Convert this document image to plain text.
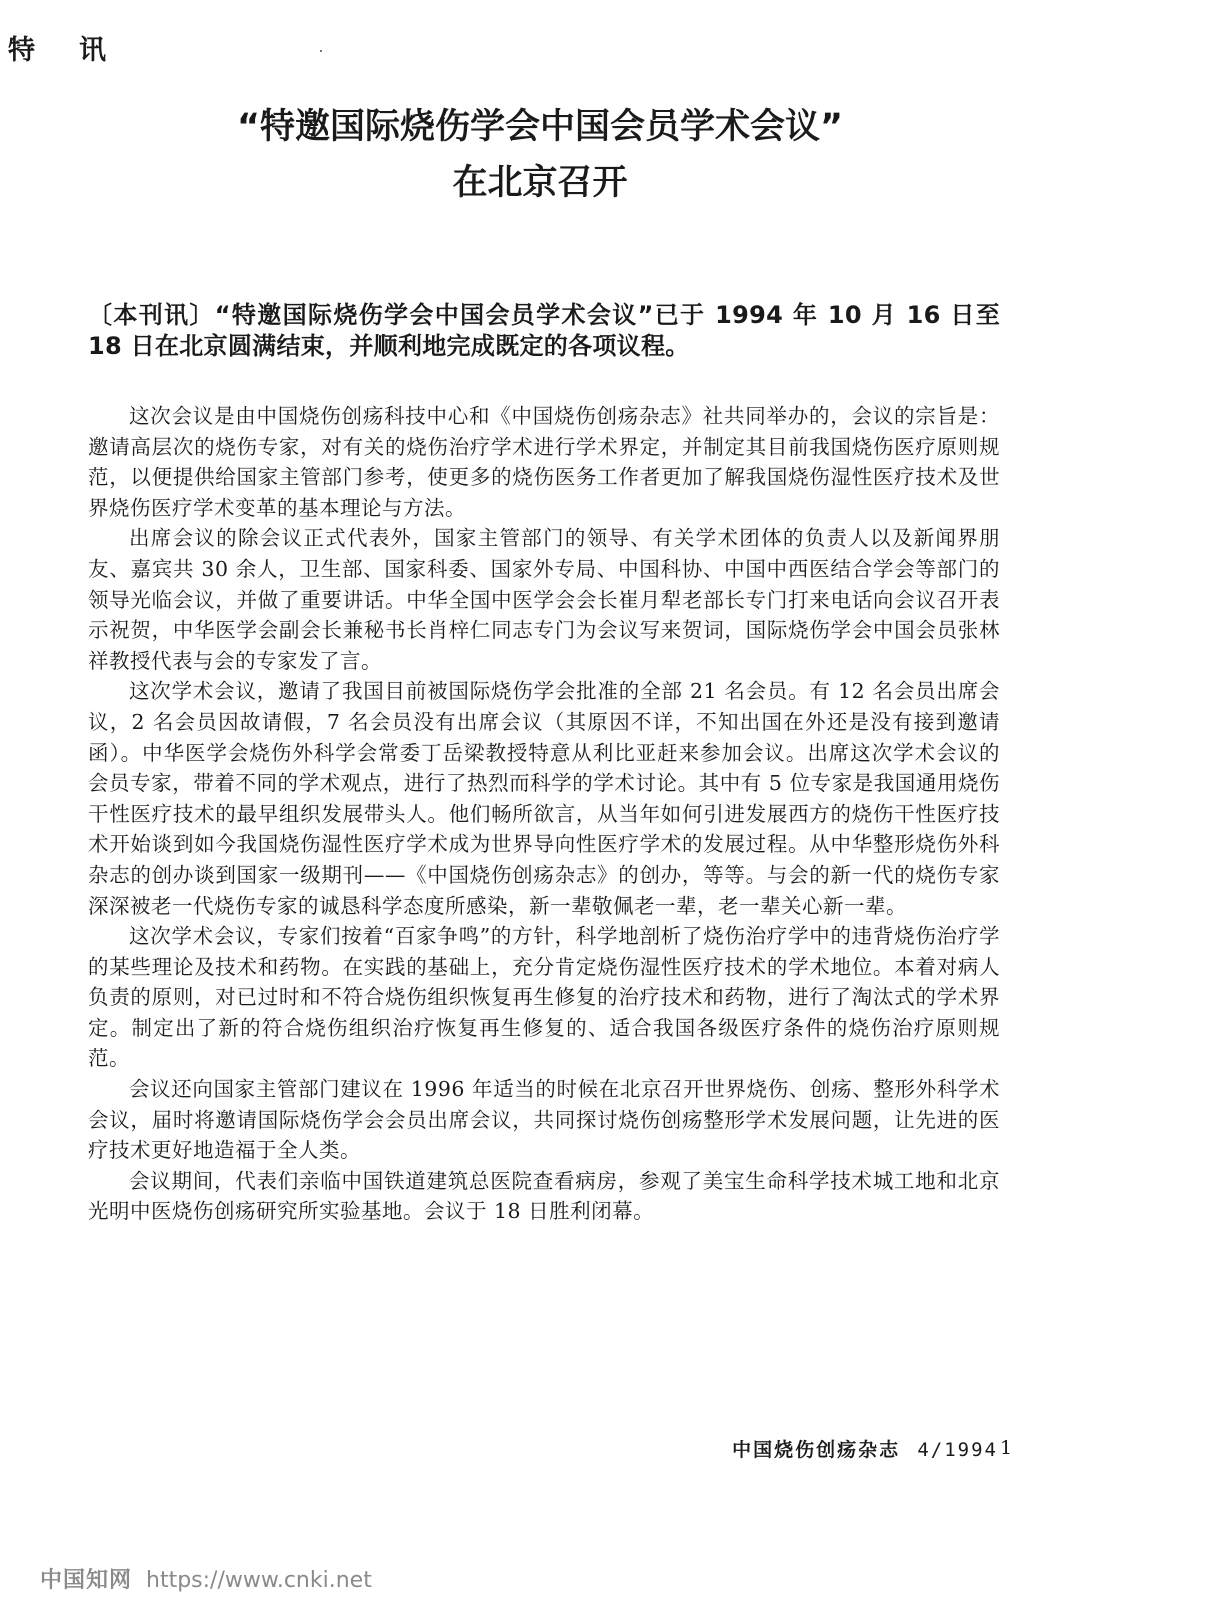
特讯
“特邀国际烧伤学会中国会员学术会议”
在北京召开
〔本刊讯〕“特邀国际烧伤学会中国会员学术会议”已于 1994 年 10 月 16 日至 18 日在北京圆满结束，并顺利地完成既定的各项议程。

这次会议是由中国烧伤创疡科技中心和《中国烧伤创疡杂志》社共同举办的，会议的宗旨是：邀请高层次的烧伤专家，对有关的烧伤治疗学术进行学术界定，并制定其目前我国烧伤医疗原则规范，以便提供给国家主管部门参考，使更多的烧伤医务工作者更加了解我国烧伤湿性医疗技术及世界烧伤医疗学术变革的基本理论与方法。

出席会议的除会议正式代表外，国家主管部门的领导、有关学术团体的负责人以及新闻界朋友、嘉宾共 30 余人，卫生部、国家科委、国家外专局、中国科协、中国中西医结合学会等部门的领导光临会议，并做了重要讲话。中华全国中医学会会长崔月犁老部长专门打来电话向会议召开表示祝贺，中华医学会副会长兼秘书长肖梓仁同志专门为会议写来贺词，国际烧伤学会中国会员张林祥教授代表与会的专家发了言。

这次学术会议，邀请了我国目前被国际烧伤学会批准的全部 21 名会员。有 12 名会员出席会议，2 名会员因故请假，7 名会员没有出席会议（其原因不详，不知出国在外还是没有接到邀请函）。中华医学会烧伤外科学会常委丁岳梁教授特意从利比亚赶来参加会议。出席这次学术会议的会员专家，带着不同的学术观点，进行了热烈而科学的学术讨论。其中有 5 位专家是我国通用烧伤干性医疗技术的最早组织发展带头人。他们畅所欲言，从当年如何引进发展西方的烧伤干性医疗技术开始谈到如今我国烧伤湿性医疗学术成为世界导向性医疗学术的发展过程。从中华整形烧伤外科杂志的创办谈到国家一级期刊——《中国烧伤创疡杂志》的创办，等等。与会的新一代的烧伤专家深深被老一代烧伤专家的诚恳科学态度所感染，新一辈敬佩老一辈，老一辈关心新一辈。

这次学术会议，专家们按着“百家争鸣”的方针，科学地剖析了烧伤治疗学中的违背烧伤治疗学的某些理论及技术和药物。在实践的基础上，充分肯定烧伤湿性医疗技术的学术地位。本着对病人负责的原则，对已过时和不符合烧伤组织恢复再生修复的治疗技术和药物，进行了淘汰式的学术界定。制定出了新的符合烧伤组织治疗恢复再生修复的、适合我国各级医疗条件的烧伤治疗原则规范。

会议还向国家主管部门建议在 1996 年适当的时候在北京召开世界烧伤、创疡、整形外科学术会议，届时将邀请国际烧伤学会会员出席会议，共同探讨烧伤创疡整形学术发展问题，让先进的医疗技术更好地造福于全人类。

会议期间，代表们亲临中国铁道建筑总医院查看病房，参观了美宝生命科学技术城工地和北京光明中医烧伤创疡研究所实验基地。会议于 18 日胜利闭幕。

中国烧伤创疡杂志 4/1994 1
中国知网 https://www.cnki.net
